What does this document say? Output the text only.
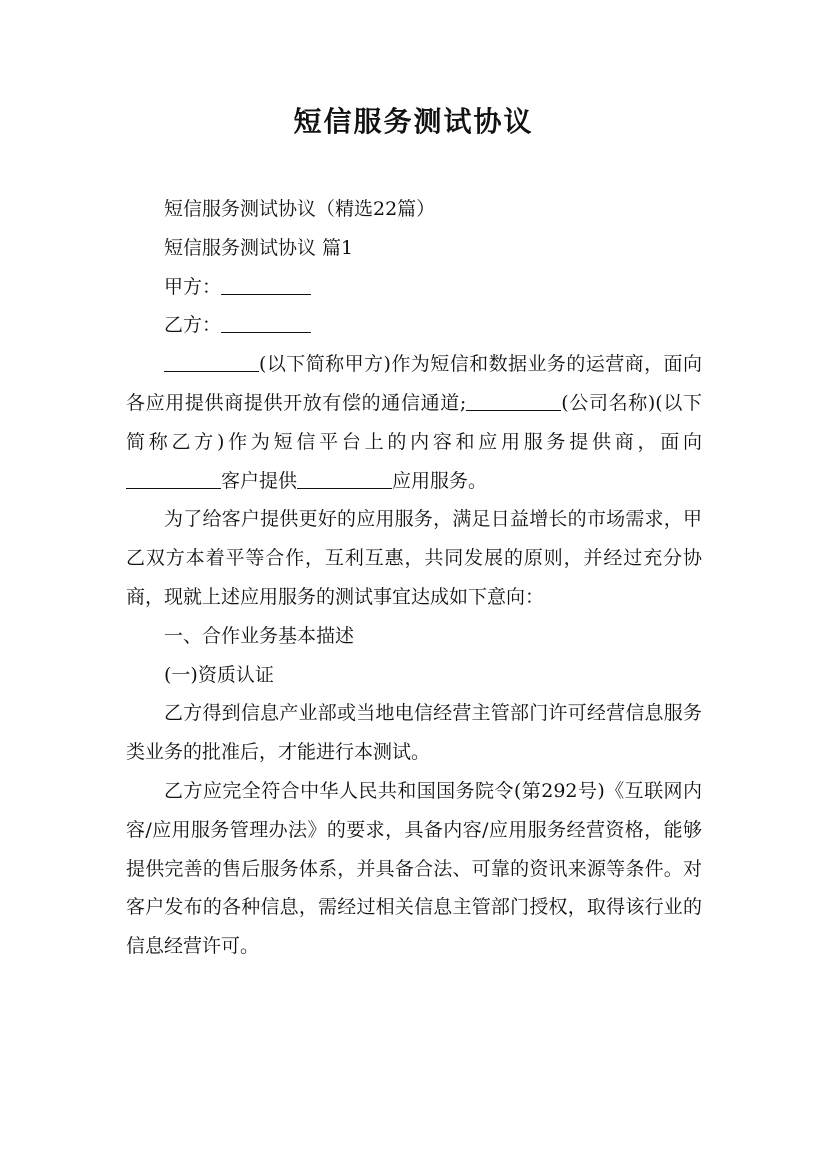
短信服务测试协议

短信服务测试协议（精选22篇）

短信服务测试协议 篇1

甲方：

乙方：

(以下简称甲方)作为短信和数据业务的运营商，面向各应用提供商提供开放有偿的通信通道;	(公司名称)(以下简称乙方)作为短信平台上的内容和应用服务提供商，面向客户提供	应用服务。

为了给客户提供更好的应用服务，满足日益增长的市场需求，甲乙双方本着平等合作，互利互惠，共同发展的原则，并经过充分协商，现就上述应用服务的测试事宜达成如下意向：

一、合作业务基本描述

(一)资质认证

乙方得到信息产业部或当地电信经营主管部门许可经营信息服务类业务的批准后，才能进行本测试。

乙方应完全符合中华人民共和国国务院令(第292号)《互联网内容/应用服务管理办法》的要求，具备内容/应用服务经营资格，能够提供完善的售后服务体系，并具备合法、可靠的资讯来源等条件。对客户发布的各种信息，需经过相关信息主管部门授权，取得该行业的信息经营许可。
